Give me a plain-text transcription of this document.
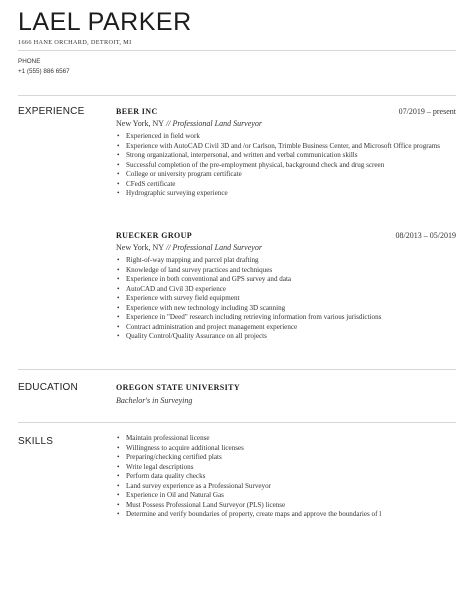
LAEL PARKER
1666 HANE ORCHARD, DETROIT, MI
PHONE
+1 (555) 886 6567
EXPERIENCE	BEER INC	07/2019 – present
New York, NY // Professional Land Surveyor
• Experienced in field work
• Experience with AutoCAD Civil 3D and /or Carlson, Trimble Business Center, and Microsoft Office programs
• Strong organizational, interpersonal, and written and verbal communication skills
• Successful completion of the pre-employment physical, background check and drug screen
• College or university program certificate
• CFedS certificate
• Hydrographic surveying experience
RUECKER GROUP	08/2013 – 05/2019
New York, NY // Professional Land Surveyor
• Right-of-way mapping and parcel plat drafting
• Knowledge of land survey practices and techniques
• Experience in both conventional and GPS survey and data
• AutoCAD and Civil 3D experience
• Experience with survey field equipment
• Experience with new technology including 3D scanning
• Experience in "Deed" research including retrieving information from various jurisdictions
• Contract administration and project management experience
• Quality Control/Quality Assurance on all projects
EDUCATION	OREGON STATE UNIVERSITY
Bachelor's in Surveying
SKILLS
•	Maintain professional license
• Willingness to acquire additional licenses
• Preparing/checking certified plats
• Write legal descriptions
• Perform data quality checks
• Land survey experience as a Professional Surveyor
• Experience in Oil and Natural Gas
• Must Possess Professional Land Surveyor (PLS) license
• Determine and verify boundaries of property, create maps and approve the boundaries of l
